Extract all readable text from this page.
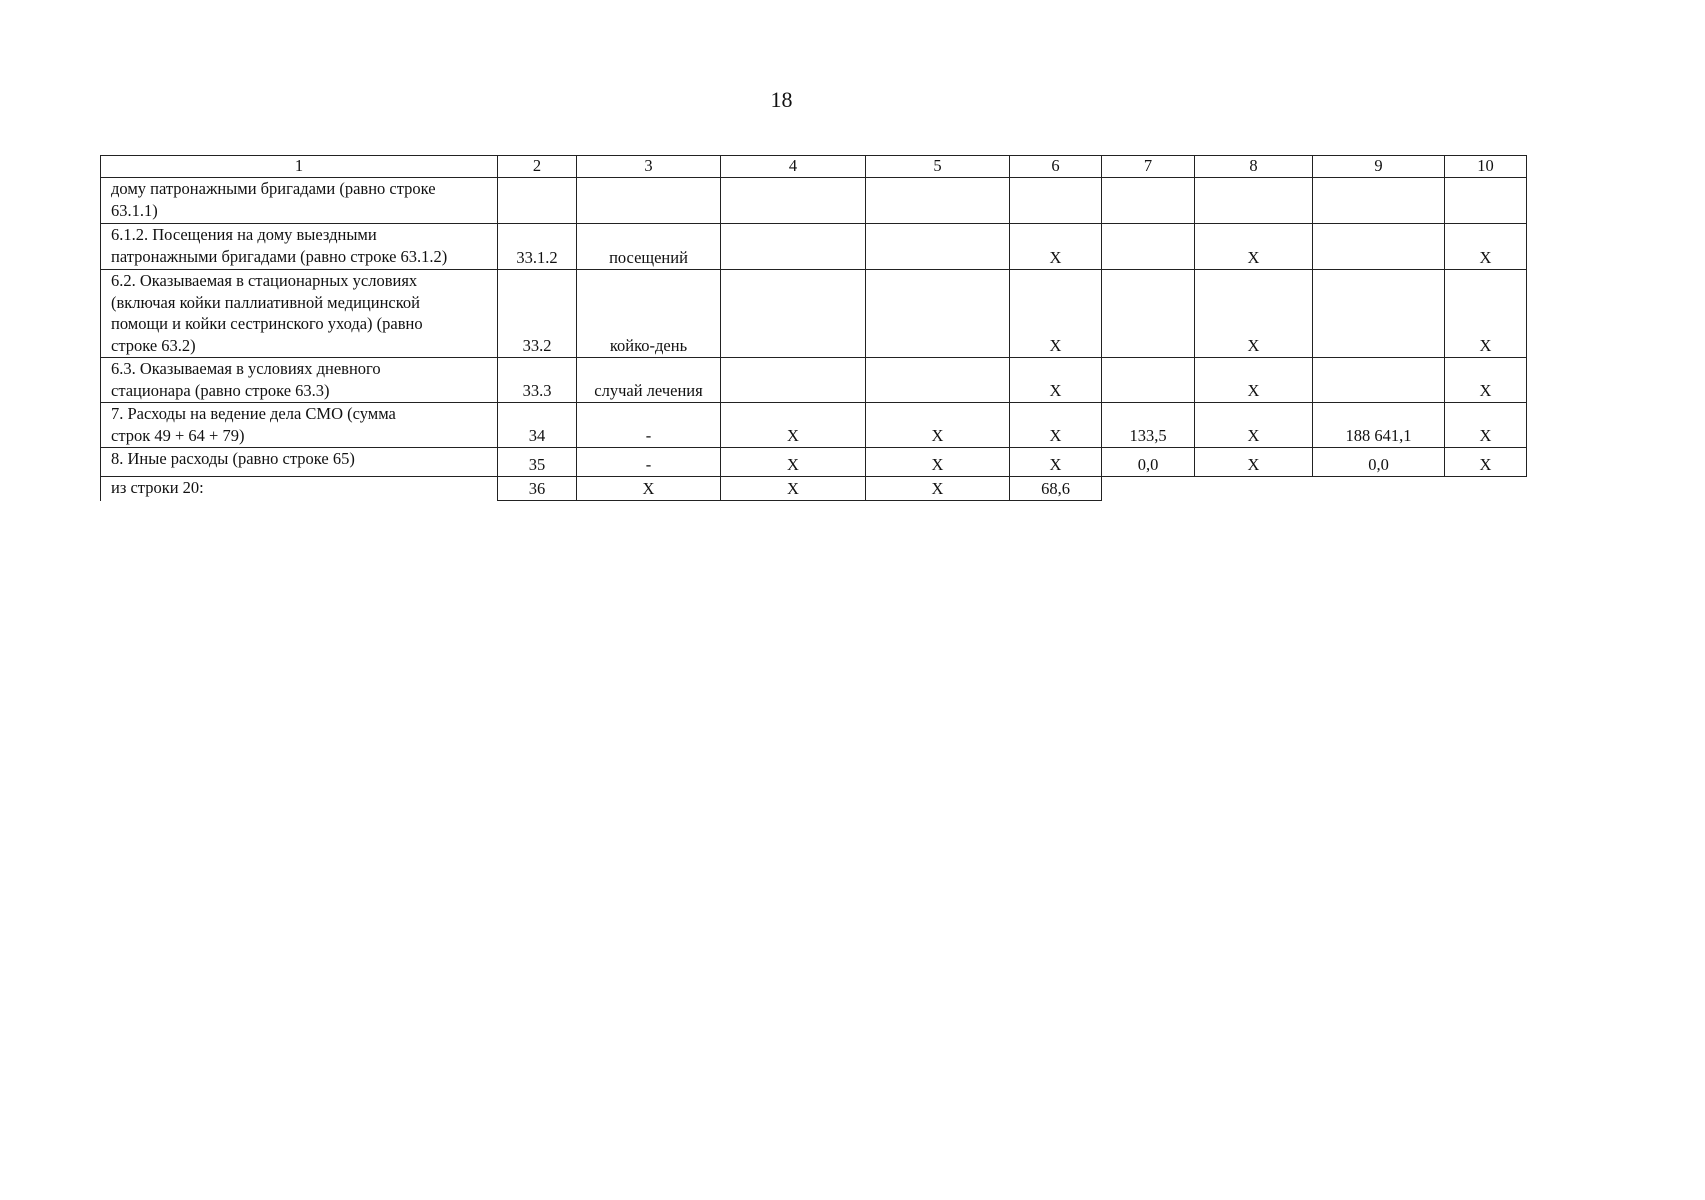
18
1	2	3	4	5	6	7	8	9	10

дому патронажными бригадами (равно строке
63.1.1)									

6.1.2. Посещения на дому выездными
патронажными бригадами (равно строке 63.1.2)	33.1.2	посещений			X		X		X

6.2. Оказываемая в стационарных условиях
(включая койки паллиативной медицинской
помощи и койки сестринского ухода) (равно
строке 63.2)	33.2	койко-день			X		X		X

6.3. Оказываемая в условиях дневного
стационара (равно строке 63.3)	33.3	случай лечения			X		X		X

7. Расходы на ведение дела СМО (сумма
строк 49 + 64 + 79)	34	-	X	X	X	133,5	X	188 641,1	X
8. Иные расходы (равно строке 65)	35	-	X	X	X	0,0	X	0,0	X
из строки 20:	36	X	X	X	68,6				
